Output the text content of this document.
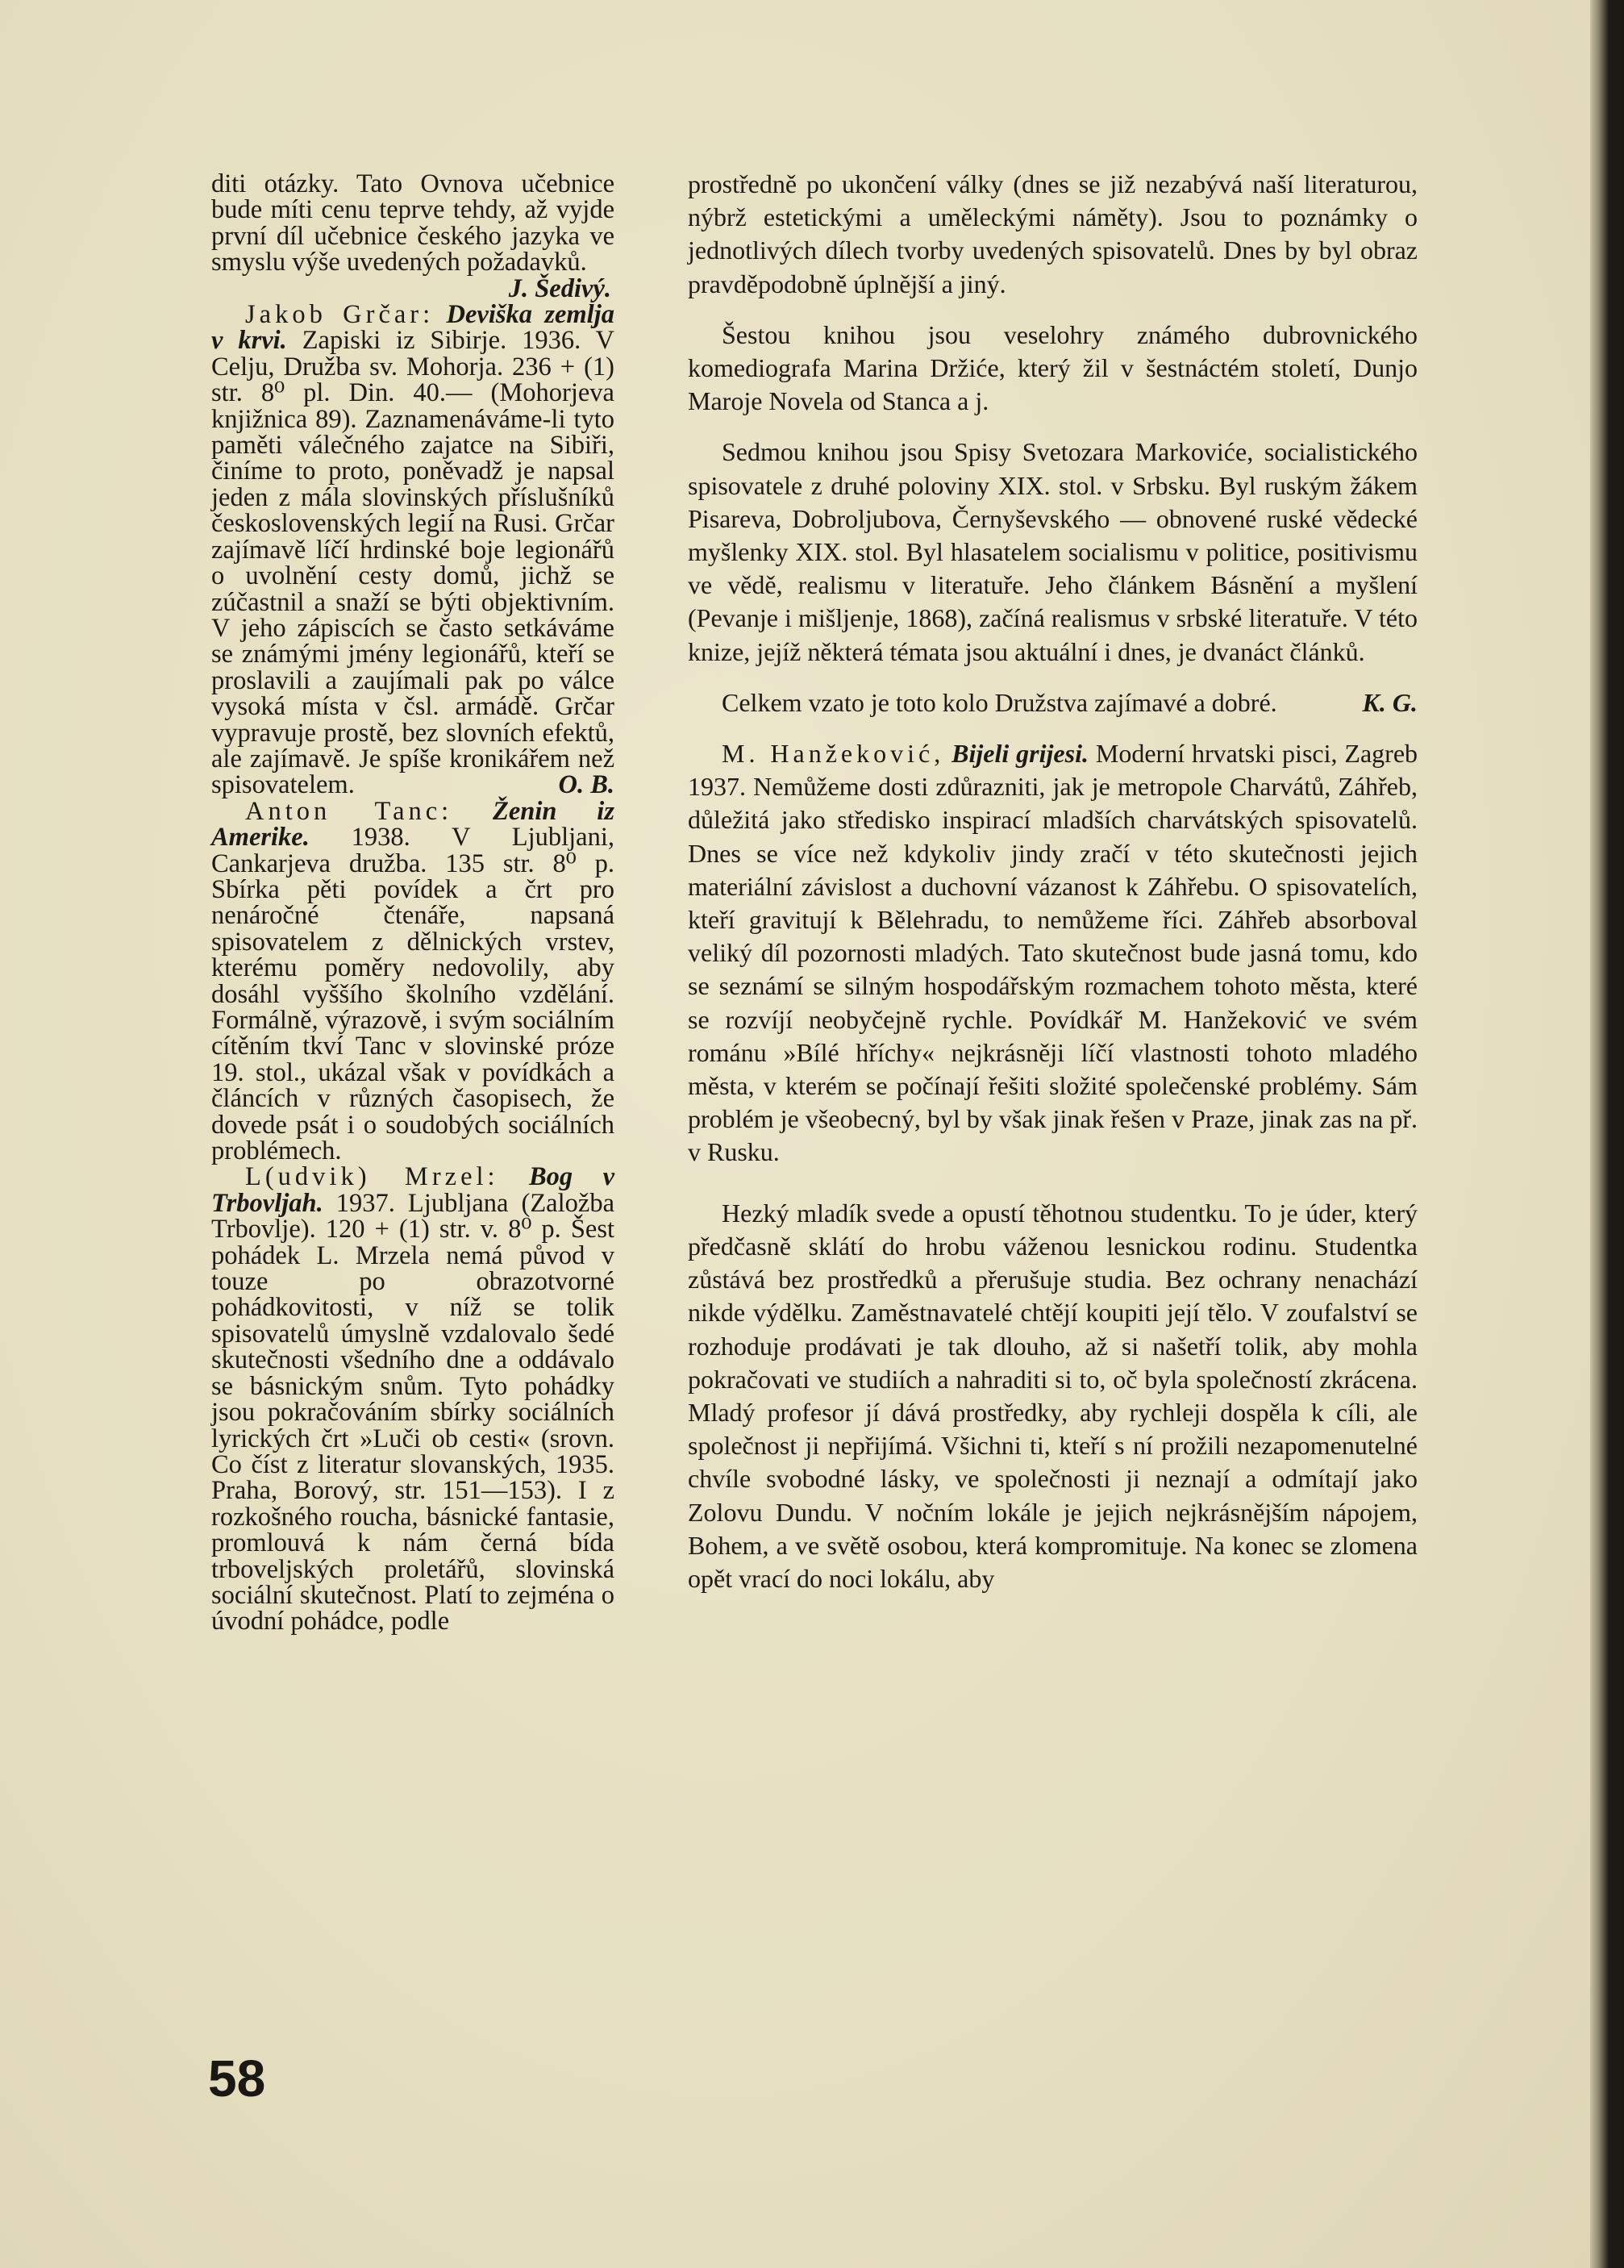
diti otázky. Tato Ovnova učebnice bude míti cenu teprve tehdy, až vyjde první díl učebnice českého jazyka ve smyslu výše uvedených požadavků.

J. Šedivý.

Jakob Grčar: Deviška zemlja v krvi. Zapiski iz Sibirje. 1936. V Celju, Družba sv. Mohorja. 236 + (1) str. 8⁰ pl. Din. 40.— (Mohorjeva knjižnica 89). Zaznamenáváme-li tyto paměti válečného zajatce na Sibiři, činíme to proto, poněvadž je napsal jeden z mála slovinských příslušníků československých legií na Rusi. Grčar zajímavě líčí hrdinské boje legionářů o uvolnění cesty domů, jichž se zúčastnil a snaží se býti objektivním. V jeho zápiscích se často setkáváme se známými jmény legionářů, kteří se proslavili a zaujímali pak po válce vysoká místa v čsl. armádě. Grčar vypravuje prostě, bez slovních efektů, ale zajímavě. Je spíše kronikářem než spisovatelem.	O. B.

Anton Tanc: Ženin iz Amerike. 1938. V Ljubljani, Cankarjeva družba. 135 str. 8⁰ p. Sbírka pěti povídek a črt pro nenáročné čtenáře, napsaná spisovatelem z dělnických vrstev, kterému poměry nedovolily, aby dosáhl vyššího školního vzdělání. Formálně, výrazově, i svým sociálním cítěním tkví Tanc v slovinské próze 19. stol., ukázal však v povídkách a článcích v různých časopisech, že dovede psát i o soudobých sociálních problémech.

L(udvik) Mrzel: Bog v Trbovljah. 1937. Ljubljana (Založba Trbovlje). 120 + (1) str. v. 8⁰ p. Šest pohádek L. Mrzela nemá původ v touze po obrazotvorné pohádkovitosti, v níž se tolik spisovatelů úmyslně vzdalovalo šedé skutečnosti všedního dne a oddávalo se básnickým snům. Tyto pohádky jsou pokračováním sbírky sociálních lyrických črt »Luči ob cesti« (srovn. Co číst z literatur slovanských, 1935. Praha, Borový, str. 151—153). I z rozkošného roucha, básnické fantasie, promlouvá k nám černá bída trboveljských proletářů, slovinská sociální skutečnost. Platí to zejména o úvodní pohádce, podle

prostředně po ukončení války (dnes se již nezabývá naší literaturou, nýbrž estetickými a uměleckými náměty). Jsou to poznámky o jednotlivých dílech tvorby uvedených spisovatelů. Dnes by byl obraz pravděpodobně úplnější a jiný.

Šestou knihou jsou veselohry známého dubrovnického komediografa Marina Držiće, který žil v šestnáctém století, Dunjo Maroje Novela od Stanca a j.

Sedmou knihou jsou Spisy Svetozara Markoviće, socialistického spisovatele z druhé poloviny XIX. stol. v Srbsku. Byl ruským žákem Pisareva, Dobroljubova, Černyševského — obnovené ruské vědecké myšlenky XIX. stol. Byl hlasatelem socialismu v politice, positivismu ve vědě, realismu v literatuře. Jeho článkem Básnění a myšlení (Pevanje i mišljenje, 1868), začíná realismus v srbské literatuře. V této knize, jejíž některá témata jsou aktuální i dnes, je dvanáct článků.

Celkem vzato je toto kolo Družstva zajímavé a dobré.	K. G.

M. Hanžeković, Bijeli grijesi. Moderní hrvatski pisci, Zagreb 1937. Nemůžeme dosti zdůrazniti, jak je metropole Charvátů, Záhřeb, důležitá jako středisko inspirací mladších charvátských spisovatelů. Dnes se více než kdykoliv jindy zračí v této skutečnosti jejich materiální závislost a duchovní vázanost k Záhřebu. O spisovatelích, kteří gravitují k Bělehradu, to nemůžeme říci. Záhřeb absorboval veliký díl pozornosti mladých. Tato skutečnost bude jasná tomu, kdo se seznámí se silným hospodářským rozmachem tohoto města, které se rozvíjí neobyčejně rychle. Povídkář M. Hanžeković ve svém románu »Bílé hříchy« nejkrásněji líčí vlastnosti tohoto mladého města, v kterém se počínají řešiti složité společenské problémy. Sám problém je všeobecný, byl by však jinak řešen v Praze, jinak zas na př. v Rusku.

Hezký mladík svede a opustí těhotnou studentku. To je úder, který předčasně sklátí do hrobu váženou lesnickou rodinu. Studentka zůstává bez prostředků a přerušuje studia. Bez ochrany nenachází nikde výdělku. Zaměstnavatelé chtějí koupiti její tělo. V zoufalství se rozhoduje prodávati je tak dlouho, až si našetří tolik, aby mohla pokračovati ve studiích a nahraditi si to, oč byla společností zkrácena. Mladý profesor jí dává prostředky, aby rychleji dospěla k cíli, ale společnost ji nepřijímá. Všichni ti, kteří s ní prožili nezapomenutelné chvíle svobodné lásky, ve společnosti ji neznají a odmítají jako Zolovu Dundu. V nočním lokále je jejich nejkrásnějším nápojem, Bohem, a ve světě osobou, která kompromituje. Na konec se zlomena opět vrací do noci lokálu, aby

58
